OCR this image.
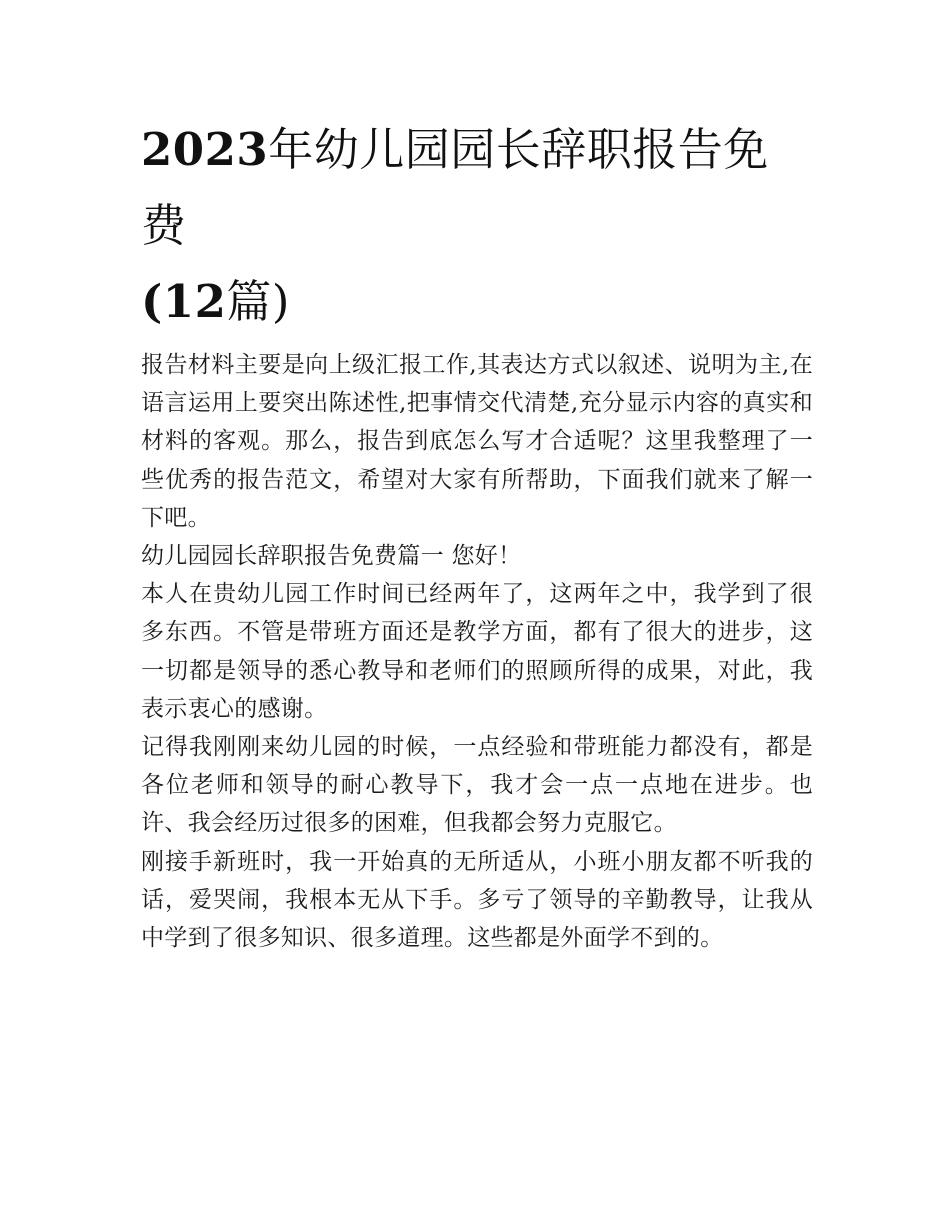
2023年幼儿园园长辞职报告免费
(12篇)

报告材料主要是向上级汇报工作,其表达方式以叙述、说明为主,在语言运用上要突出陈述性,把事情交代清楚,充分显示内容的真实和材料的客观。那么，报告到底怎么写才合适呢？这里我整理了一些优秀的报告范文，希望对大家有所帮助，下面我们就来了解一下吧。

幼儿园园长辞职报告免费篇一 您好！

本人在贵幼儿园工作时间已经两年了，这两年之中，我学到了很多东西。不管是带班方面还是教学方面，都有了很大的进步，这一切都是领导的悉心教导和老师们的照顾所得的成果，对此，我表示衷心的感谢。

记得我刚刚来幼儿园的时候，一点经验和带班能力都没有，都是各位老师和领导的耐心教导下，我才会一点一点地在进步。也许、我会经历过很多的困难，但我都会努力克服它。

刚接手新班时，我一开始真的无所适从，小班小朋友都不听我的话，爱哭闹，我根本无从下手。多亏了领导的辛勤教导，让我从中学到了很多知识、很多道理。这些都是外面学不到的。
